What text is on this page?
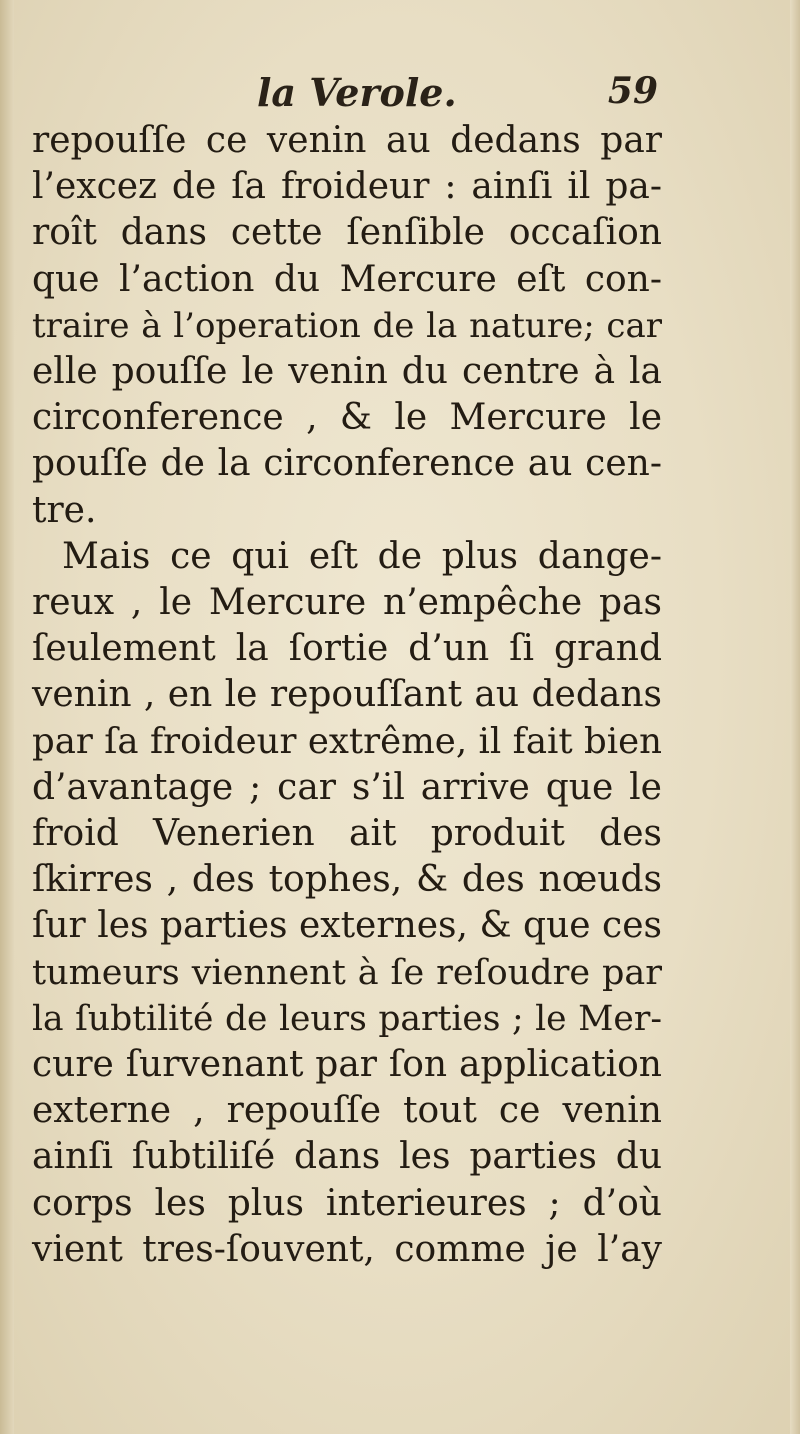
la Verole.	59
repouſſe ce venin au dedans par
l’excez de ſa froideur : ainſi il pa-
roît dans cette ſenſible occaſion
que l’action du Mercure eſt con-
traire à l’operation de la nature; car
elle pouſſe le venin du centre à la
circonference , & le Mercure le
pouſſe de la circonference au cen-
tre.
Mais ce qui eſt de plus dange-
reux , le Mercure n’empêche pas
ſeulement la ſortie d’un ſi grand
venin , en le repouſſant au dedans
par ſa froideur extrême, il fait bien
d’avantage ; car s’il arrive que le
froid Venerien ait produit des
ſkirres , des tophes, & des nœuds
ſur les parties externes, & que ces
tumeurs viennent à ſe reſoudre par
la ſubtilité de leurs parties ; le Mer-
cure ſurvenant par ſon application
externe , repouſſe tout ce venin
ainſi ſubtiliſé dans les parties du
corps les plus interieures ; d’où
vient tres-ſouvent, comme je l’ay
